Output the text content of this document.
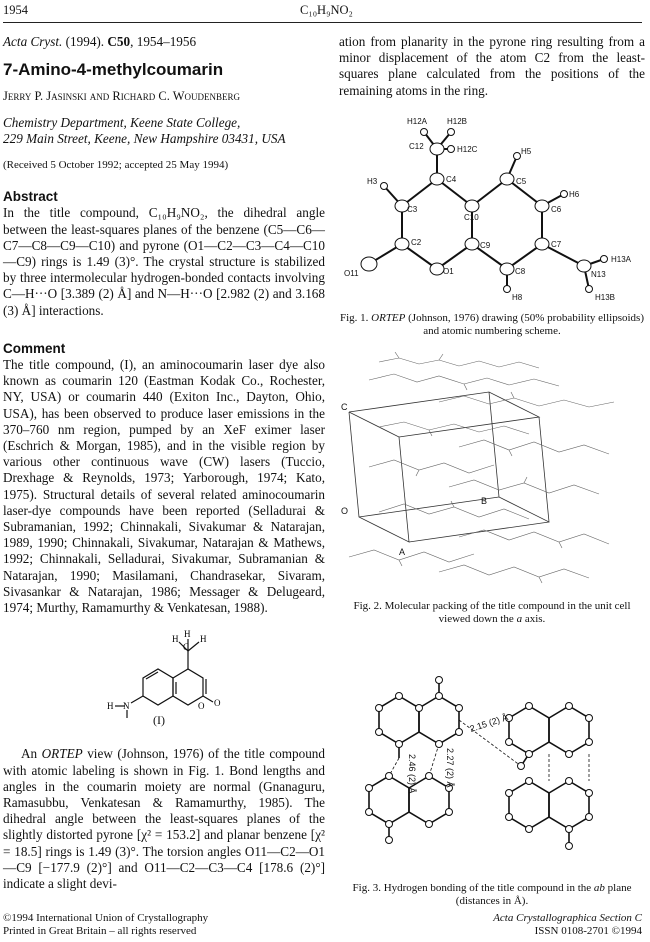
1954	C₁₀H₉NO₂
Acta Cryst. (1994). C50, 1954–1956
7-Amino-4-methylcoumarin
Jerry P. Jasinski and Richard C. Woudenberg
Chemistry Department, Keene State College,
229 Main Street, Keene, New Hampshire 03431, USA
(Received 5 October 1992; accepted 25 May 1994)
Abstract

In the title compound, C₁₀H₉NO₂, the dihedral angle between the least-squares planes of the benzene (C5—C6—C7—C8—C9—C10) and pyrone (O1—C2—C3—C4—C10—C9) rings is 1.49 (3)°. The crystal structure is stabilized by three intermolecular hydrogen-bonded contacts involving C—H···O [3.389 (2) Å] and N—H···O [2.982 (2) and 3.168 (3) Å] interactions.

Comment

The title compound, (I), an aminocoumarin laser dye also known as coumarin 120 (Eastman Kodak Co., Rochester, NY, USA) or coumarin 440 (Exiton Inc., Dayton, Ohio, USA), has been observed to produce laser emissions in the 370–760 nm region, pumped by an XeF eximer laser (Eschrich & Morgan, 1985), and in the visible region by various other continuous wave (CW) lasers (Tuccio, Drexhage & Reynolds, 1973; Yarborough, 1974; Kato, 1975). Structural details of several related aminocoumarin laser-dye compounds have been reported (Selladurai & Subramanian, 1992; Chinnakali, Sivakumar & Natarajan, 1989, 1990; Chinnakali, Sivakumar, Natarajan & Mathews, 1992; Chinnakali, Selladurai, Sivakumar, Subramanian & Natarajan, 1990; Masilamani, Chandrasekar, Sivaram, Sivasankar & Natarajan, 1986; Messager & Delugeard, 1974; Murthy, Ramamurthy & Venkatesan, 1988).

H
C
H H
N
H	O O
(I)

An ORTEP view (Johnson, 1976) of the title compound with atomic labeling is shown in Fig. 1. Bond lengths and angles in the coumarin moiety are normal (Gnanaguru, Ramasubbu, Venkatesan & Ramamurthy, 1985). The dihedral angle between the least-squares planes of the slightly distorted pyrone [χ² = 153.2] and planar benzene [χ² = 18.5] rings is 1.49 (3)°. The torsion angles O11—C2—O1—C9 [−177.9 (2)°] and O11—C2—C3—C4 [178.6 (2)°] indicate a slight devi-

ation from planarity in the pyrone ring resulting from a minor displacement of the atom C2 from the least-squares plane calculated from the positions of the remaining atoms in the ring.

H12A H12B
C12	H12C	H5
C4	C5
H3
H6
C10
C3	C6
C2	C9	C7
H13A
O11	O1	C8	N13
H8	H13B
Fig. 1. ORTEP (Johnson, 1976) drawing (50% probability ellipsoids) and atomic numbering scheme.
C
B
O
A
Fig. 2. Molecular packing of the title compound in the unit cell viewed down the a axis.
2.15 (2) Å
2.46 (2) Å	2.27 (2) Å
Fig. 3. Hydrogen bonding of the title compound in the ab plane (distances in Å).
©1994 International Union of Crystallography
Printed in Great Britain – all rights reserved
Acta Crystallographica Section C
ISSN 0108-2701 ©1994
